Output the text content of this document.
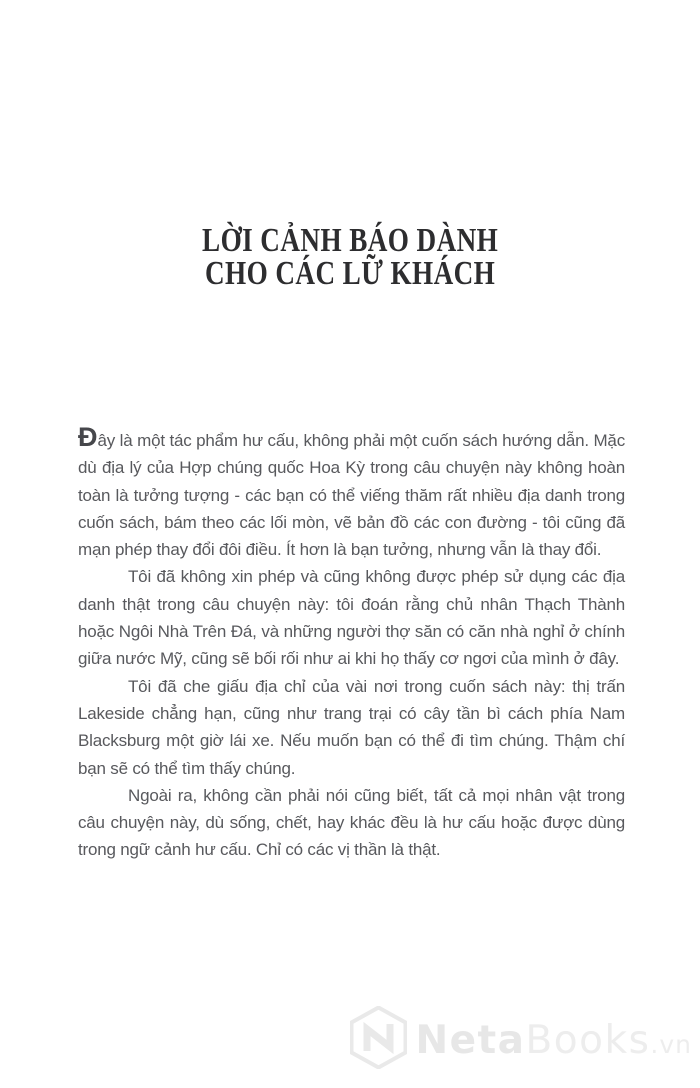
LỜI CẢNH BÁO DÀNH
CHO CÁC LỮ KHÁCH

Đây là một tác phẩm hư cấu, không phải một cuốn sách hướng dẫn. Mặc dù địa lý của Hợp chúng quốc Hoa Kỳ trong câu chuyện này không hoàn toàn là tưởng tượng - các bạn có thể viếng thăm rất nhiều địa danh trong cuốn sách, bám theo các lối mòn, vẽ bản đồ các con đường - tôi cũng đã mạn phép thay đổi đôi điều. Ít hơn là bạn tưởng, nhưng vẫn là thay đổi.

Tôi đã không xin phép và cũng không được phép sử dụng các địa danh thật trong câu chuyện này: tôi đoán rằng chủ nhân Thạch Thành hoặc Ngôi Nhà Trên Đá, và những người thợ săn có căn nhà nghỉ ở chính giữa nước Mỹ, cũng sẽ bối rối như ai khi họ thấy cơ ngơi của mình ở đây.

Tôi đã che giấu địa chỉ của vài nơi trong cuốn sách này: thị trấn Lakeside chẳng hạn, cũng như trang trại có cây tần bì cách phía Nam Blacksburg một giờ lái xe. Nếu muốn bạn có thể đi tìm chúng. Thậm chí bạn sẽ có thể tìm thấy chúng.

Ngoài ra, không cần phải nói cũng biết, tất cả mọi nhân vật trong câu chuyện này, dù sống, chết, hay khác đều là hư cấu hoặc được dùng trong ngữ cảnh hư cấu. Chỉ có các vị thần là thật.

NetaBooks.vn
